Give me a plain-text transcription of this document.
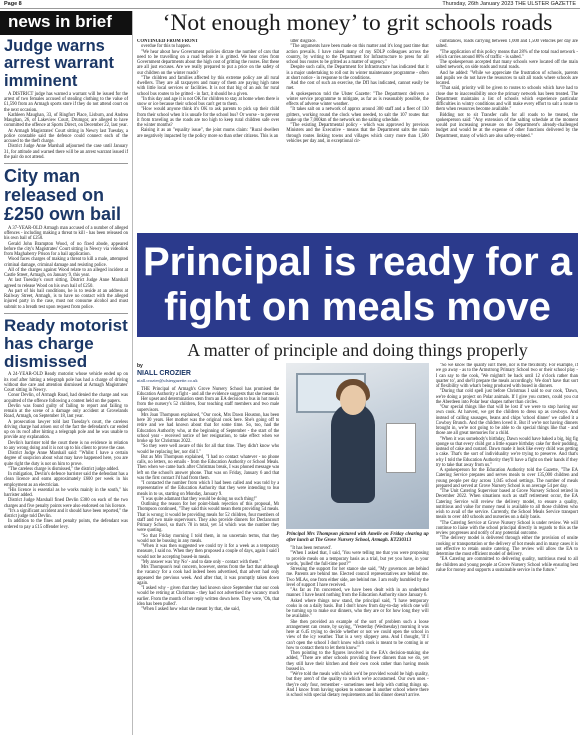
Page 8	Thursday, 26th January 2023 THE ULSTER GAZETTE
news in brief
Judge warns arrest warrant imminent

A DISTRICT judge has warned a warrant will be issued for the arrest of two females accused of stealing clothing to the value of £1,590 from an Armagh sports store if they do not attend court on the next occasion.

Kathleen Maughan, 33, of Ringfort Place, Lisburn, and Andrea Maughan, 26, of Lakeview Court, Drumgor, are alleged to have committed the offence at Sports Direct, on December 22, last year.

At Armagh Magistrates' Court sitting in Newry last Tuesday, a police constable said the defence could connect each of the accused to the theft charge.

District Judge Anne Marshall adjourned the case until January 31, for attitude and warned there will be an arrest warrant issued if the pair do not attend.

City man released on £250 own bail

A 37-YEAR-OLD Armagh man accused of a number of alleged offences - including making a threat to kill - has been released on his own bail of £250.

Gerald John Brampton Wood, of no fixed abode, appeared before the city's Magistrates' Court sitting in Newry via videolink from Maghaberry Prison for a bail application.

Wood faces charges of making a threat to kill a male, attempted criminal damage, criminal damage and resisting police.

All of the charges against Wood relate to an alleged incident at Castle Street, Armagh, on January 9, this year.

At last Tuesday's court sitting, District Judge Anne Marshall agreed to release Wood on his own bail of £250.

As part of his bail conditions, he is to reside at an address at Railway Street, Armagh, is to have no contact with the alleged injured party in the case, must not consume alcohol and must submit to a breath test upon request from police.

Ready motorist has charge dismissed

A 24-YEAR-OLD Ready motorist whose vehicle ended up on its roof after hitting a telegraph pole has had a charge of driving without due care and attention dismissed at Armagh Magistrates' Court sitting in Newry.

Conor Devlin, of Armagh Road, had denied the charge and was acquitted of the offence following a contest held on the papers.

Devlin was found guilty of failing to report and failing to remain at the scene of a damage only accident at Grovelands Road, Armagh, on September 18, last year.

A prosecution lawyer told last Tuesday's court, the careless driving charge had arisen out of the fact the defendant's car ended up on its roof after hitting a telegraph pole and he was unable to provide any explanation.

Devlin's barrister told the court there is no evidence in relation to any wrong doing and it is not up to his client to prove the case.

District Judge Anne Marshall said: "Whilst I have a certain degree of suspicion about what may have happened here, you are quite right the duty is not on him to prove.

"The careless charge is dismissed," the district judge added.

In mitigation, Devlin's defence barrister said the defendant has a clean licence and earns approximately £600 per week in his employment as an electrician.

"His licence is essential as he works mainly in the south," his barrister added.

District Judge Marshall fined Devlin £300 on each of the two charges and five penalty points were also endorsed on his licence.

"It's a significant accident and it should have been reported," the district judge told Devlin.

In addition to the fines and penalty points, the defendant was ordered to pay a £15 offender levy.

‘Not enough money’ to grit schools roads
CONTINUED FROM FRONT

overdue for this to happen.

"We hear about how Government policies dictate the number of cars that need to be travelling on a road before it is gritted. We hear cries from Government departments about the high cost of gritting the routes. But these are all just excuses. Are we really prepared to put a price on the safety of our children on the winter roads?

"The children and families affected by this extreme policy are all rural dwellers. They are all taxpayers and many of them are paying high rates with little local services or facilities. It is not that big of an ask for rural school bus routes to be gritted - in fact, it should be a given.

"In this day and age it is not OK for children to stay at home when there is snow or ice because their school bus can't get to them.

"How would anyone think it's OK to ask parents to pick up their child from their school when it is unsafe for the school bus? Or worse - to prevent it from traveling as the roads are too high to keep rural children safe over the winter months?

Raising it as an "equality issue", the joint mums claim: "Rural dwellers are negatively impacted by the policy more so than other citizens. This is an

utter disgrace.

"The arguments have been made on this matter and it's long past time that action prevails. I have raised many of my SDLP colleagues across the country, by writing to the Department for Infrastructure to press for all school bus routes to be gritted as a matter of urgency."

Despite such calls, the Department for Infrastructure has indicated that it is a major undertaking to roll out its winter maintenance programme - often at short notice - in response to the conditions.

And the cost of such an exercise, the DfI has indicated, cannot easily be met.

A spokesperson told the Ulster Gazette: "The Department delivers a winter service programme to mitigate, as far as is reasonably possible, the effects of adverse winter weather.

"It takes salt on a network of approx around 300 staff and a fleet of 130 gritters, working round the clock when needed, to salt the 107 routes that make up the 7,000km of the network on the salting schedule.

"The existing Departmental policy - which was approved by previous Ministers and the Executive - means that the Department salts the main through routes linking towns and villages which carry more than 1,500 vehicles per day and, in exceptional cir-

cumstances, roads carrying between 1,000 and 1,500 vehicles per day are salted.

"The application of this policy means that 28% of the total road network - which carries around 80% of traffic - is salted."

The spokesperson accepted that many schools were located off the main salted network, on side roads and rural roads.

And he added: "While we appreciate the frustration of schools, parents and pupils we do not have the resources to salt all roads where schools are located.

"That said, priority will be given to routes to schools which have had to close due to inaccessibility once the primary network has been treated. The Department maintains a list of schools which experience particular difficulties in wintry conditions and will make every effort to salt a route to them when resources become available."

Bidding not to sit Transfer calls for all roads to be treated, the spokesperson said: "Any extension of the salting schedule at the moment would put increasing pressure on the Department's already-challenged budget and would be at the expense of other functions delivered by the Department, many of which are also safety-related."

Principal is ready for a fight on meals move
A matter of principle and doing things properly
by
NIALL CROZIER
niall.crozier@ulstergazette.co.uk

THE Principal of Armagh's Grove Nursery School has promised the Education Authority a fight - and all the evidence suggests that she means it.

Her upset and determination stem from an EA decision to bus in hot meals from the nursery's 52 children, four teaching staff members and two male supervisors.

Mrs Joan Thompson explained, "Our cook, Mrs Dawn Houston, has been here 30 years. Her mother was the original cook here. She's going off to retire and we had known about that for some time. So, too, had the Education Authority who, at the beginning of September - the start of the school year - received notice of her resignation, to take effect when we broke up for Christmas 2022.

"So they were well aware of this for all that time. They didn't know who would be replacing her, nor did I."

But as Mrs Thompson explained, "I had no contact whatever - no phone calls, no letters, no emails - from the Education Authority or School Meals. Then when we came back after Christmas break, I was phoned message was left on the school's answer phone. That was on Friday, January 6 and that was the first contact I'd had from them.

"I contacted the number from which I had been called and was told by a representative of the Education Authority that they were intending to bus meals in to us, starting on Monday, January 9.

"I was quite adamant that they would be doing no such thing!"

Outlining the reason for her point-blank rejection of this proposal, Mr Thompson continued, "They said this would mean them providing 54 meals. That is wrong; it would be providing meals for 52 children, four members of staff and two male supervisors. They also provide dinners for Declancourt Primary School, so that's 78 in total, yet 54 which was the number they were quoting.

"So that Friday morning I told them, in no uncertain terms, that they would not be bussing in any meals.

"When it was then suggested we could try it for a week as a temporary measure, I said no. When they then proposed a couple of days, again I said I would not be accepting bused-in meals.

"My answer was 'my No' - and to date only - contact with them."

Mrs Thompson's real concern, however, stems from the fact that although the vacancy for a cook had indeed been advertised, that advert had only appeared the previous week. And after that, it was promptly taken down again.

"I asked why - given that they had known since September that our cook would be retiring at Christmas - they had not advertised the vacancy much earlier. From the month of her reply written down here. They were, 'Oh, that idea has been pulled'.

"When I asked how what she meant by that, she said,

Principal Mrs Thompson pictured with Amelie on Friday clearing up after lunch at The Grove Nursery School, Armagh. KT230313

"It has been removed'.

"When I asked that, I said, 'You were telling me that you were proposing to provide meals on a temporary basis as a trial, but yet you have, in your words, 'pulled' the full-time post?'"

Stressing the support for her stance she said, "My governors are behind me. Parents are behind me. Elected council representatives are behind me. Two MLAs, one from either side, are behind me. I am really humbled by the level of support I have received.

"As far as I'm concerned, we have been dealt with in an underhand manner. I have heard nothing from the Education Authority since January 6.

Asked where things now stand, the principal said, "I have temporary cooks in on a daily basis. But I don't know from day-to-day which one will be turning up to make our dinners, who they are or for how long they will be available."

She then provided an example of the sort of problem such a loose arrangement can create, by saying, "Yesterday (Wednesday) morning it was here at 6.45 trying to decide whether or not we could open the school in view of the icy weather. That is a very slippery area. And I thought, 'If I can't open the school I don't know which cook is meant to be coming in or how to contact them to let them know.'"

Then pointing to the figures involved in the EA's decision-making she added, "There are other schools providing fewer dinners than we do, yet they still have their kitchen and their own cook rather than having meals bussed in.

"We're told the meals with which we'd be provided would be high quality, but they aren't of the quality to which we're accustomed. Our own ones - they're only four, remember - sometimes need help with cutting things up. And I know from having spoken to someone in another school where there is school with special dietary requirements and his dinner doesn't arrive.

"So we know the quality isn't there, nor is the flexibility. For example, if we go away - as to the Armstrong Primary School two or their school play - I can say to the cook, 'We mightn't be back until 12 o'clock rather than quarter to', and she'll prepare the meals accordingly. We don't have that sort of flexibility with what's being produced with bused in dinners.

"During that cold spell just before Christmas I said to our cook, 'Dawn, we're doing a project on Polar animals. If I give you cutters, could you cut the Aberdeen into Polar bear shapes rather than circles.

"Our special things like that will be lost if we were to stop having our own cook. At harvest, we get the children to dress up as cowboys. And instead of calling sausages, beans and chips 'school dinner' we called it a Cowboy Brunch. And the children loved it. But if we're not having dinners brought in, we're not going to be able to do special things like that - and those are all great memories for a child.

"When it was somebody's birthday, Dawn would have baked a big, big fig sponge so that every child got a little square birthday cake for their pudding, instead of cake and custard. Dawn made it look like every child was getting a cake. That's the sort of individuality we're trying to preserve. And that's why I told the Education Authority they'll have a fight on their hands if they try to take that away from us."

A spokesperson for the Education Authority told the Gazette, "The EA Catering Service prepares and serves meals to over 135,000 children and young people per day across 1,045 school settings. The number of meals prepared and served at Grove Nursery School is on average 54 per day.

"The Unit Catering Supervisor based at Grove Nursery School retired in December 2022. When situations such as staff retirement occur, the EA Catering Service will review the delivery model, to ensure a quality, nutritious and value for money meal is available to all those children who wish to avail of the service. Currently, the School Meals Service transport meals to over 440 schools and nurseries on a daily basis.

"The Catering Service at Grove Nursery School is under review. We will continue to liaise with the school principal directly in regards to this as the review progresses and notify of any potential outcome.

"The delivery model is delivered through either the provision of onsite cooking or transportation or the delivery of hot meals and in many cases it is not effective to retain onsite catering. The review will allow the EA to determine the most efficient model of delivery.

"EA Catering are committed to delivering quality, nutritious meal to all the children and young people at Grove Nursery School while ensuring best value for money and supports a sustainable service in the future."
